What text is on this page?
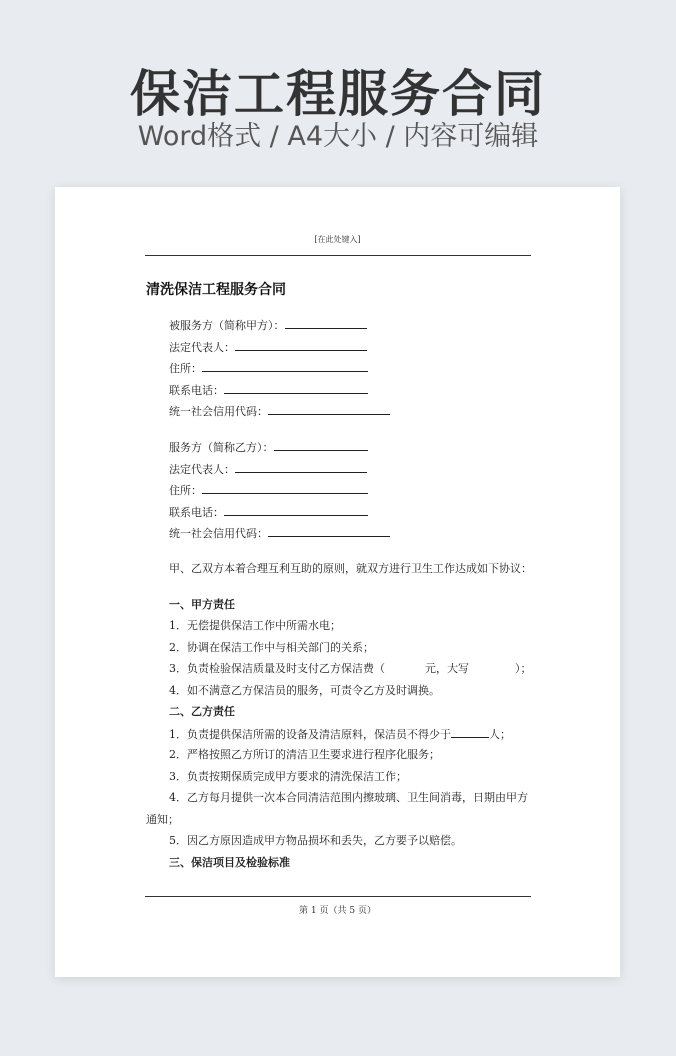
保洁工程服务合同
Word格式 / A4大小 / 内容可编辑
[在此处键入]
清洗保洁工程服务合同
被服务方（简称甲方）：
法定代表人：
住所：
联系电话：
统一社会信用代码：
服务方（简称乙方）：
法定代表人：
住所：
联系电话：
统一社会信用代码：
甲、乙双方本着合理互利互助的原则，就双方进行卫生工作达成如下协议：
一、甲方责任
1．无偿提供保洁工作中所需水电；
2．协调在保洁工作中与相关部门的关系；
3．负责检验保洁质量及时支付乙方保洁费（	元，大写	）；
4．如不满意乙方保洁员的服务，可责令乙方及时调换。
二、乙方责任
1．负责提供保洁所需的设备及清洁原料，保洁员不得少于	人；
2．严格按照乙方所订的清洁卫生要求进行程序化服务；
3．负责按期保质完成甲方要求的清洗保洁工作；
4．乙方每月提供一次本合同清洁范围内擦玻璃、卫生间消毒，日期由甲方
通知；
5．因乙方原因造成甲方物品损坏和丢失，乙方要予以赔偿。
三、保洁项目及检验标准
第 1 页（共 5 页）
